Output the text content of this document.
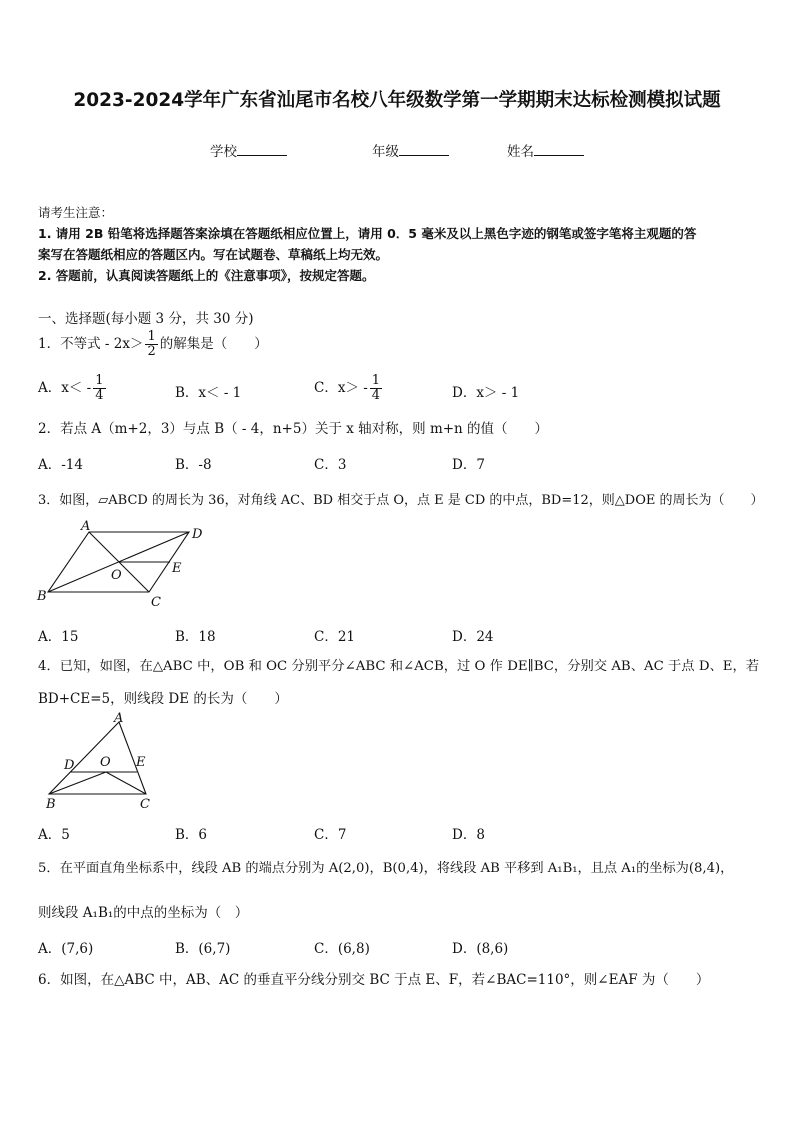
2023-2024学年广东省汕尾市名校八年级数学第一学期期末达标检测模拟试题
学校	年级	姓名
请考生注意：
1. 请用 2B 铅笔将选择题答案涂填在答题纸相应位置上，请用 0．5 毫米及以上黑色字迹的钢笔或签字笔将主观题的答
案写在答题纸相应的答题区内。写在试题卷、草稿纸上均无效。
2. 答题前，认真阅读答题纸上的《注意事项》，按规定答题。
一、选择题(每小题 3 分，共 30 分)
1．不等式 - $2x> \frac{1}{2}$ 的解集是（　　）
A．$x< - \frac{1}{4}$	B．x＜ - 1	C．$x> - \frac{1}{4}$	D．x＞ - 1
2．若点 A（m+2，3）与点 B（ - 4，n+5）关于 x 轴对称，则 m+n 的值（　　）
A．-14	B．-8	C．3	D．7
3．如图，▱ABCD 的周长为 36，对角线 AC、BD 相交于点 O，点 E 是 CD 的中点，BD=12，则△DOE 的周长为（　　）
A
D
O	E
B	C
A．15	B．18	C．21	D．24
4．已知，如图，在△ABC 中，OB 和 OC 分别平分∠ABC 和∠ACB，过 O 作 DE∥BC，分别交 AB、AC 于点 D、E，若
BD+CE=5，则线段 DE 的长为（　　）
A
D O E
B	C
A．5	B．6	C．7	D．8
5．在平面直角坐标系中，线段 AB 的端点分别为 A(2,0)，B(0,4)，将线段 AB 平移到 A₁B₁，且点 A₁的坐标为(8,4)，
则线段 A₁B₁的中点的坐标为（　）
A．(7,6)	B．(6,7)	C．(6,8)	D．(8,6)
6．如图，在△ABC 中，AB、AC 的垂直平分线分别交 BC 于点 E、F，若∠BAC=110°，则∠EAF 为（　　）
